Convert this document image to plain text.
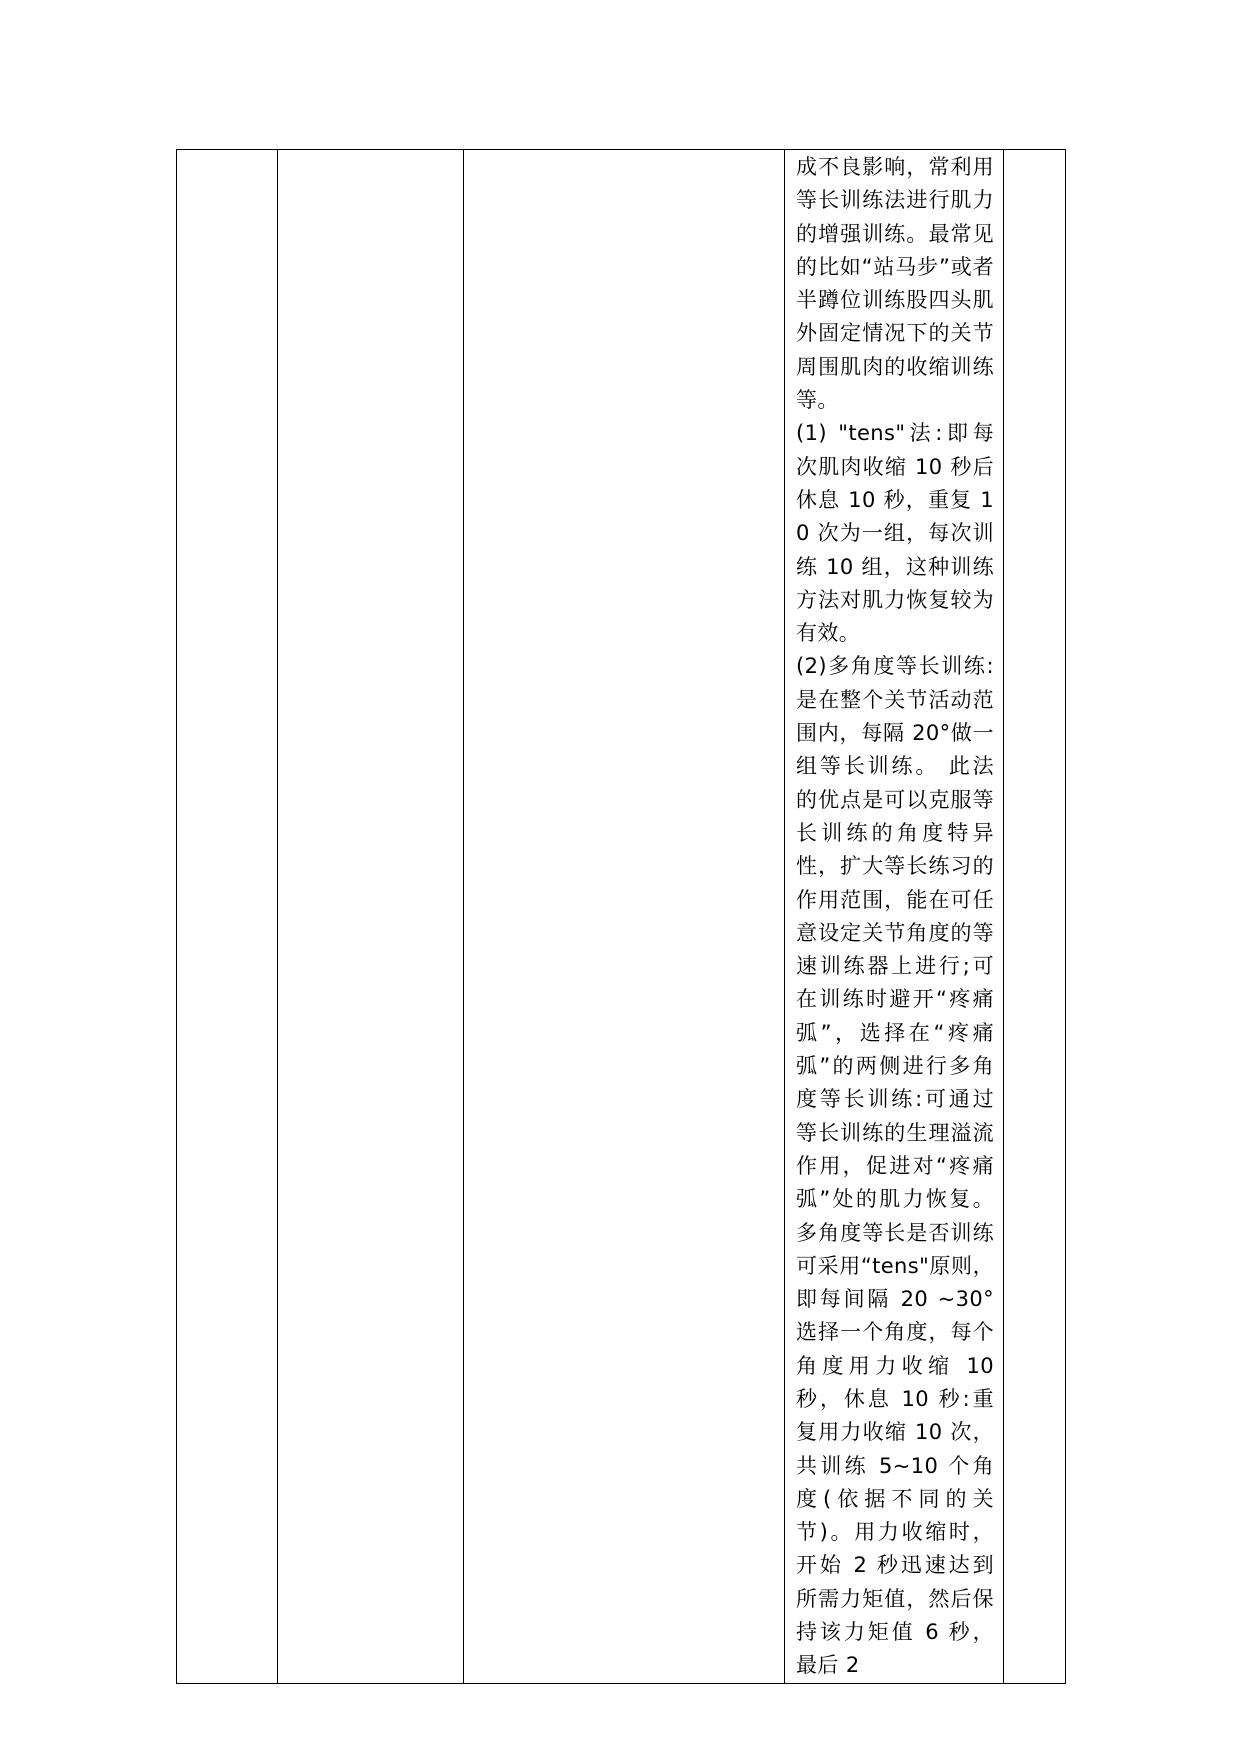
成不良影响，常利用等长训练法进行肌力的增强训练。最常见的比如“站马步”或者半蹲位训练股四头肌外固定情况下的关节周围肌肉的收缩训练等。

(1) "tens"法:即每次肌肉收缩 10 秒后休息 10 秒，重复 10 次为一组，每次训练 10 组，这种训练方法对肌力恢复较为有效。

(2)多角度等长训练:是在整个关节活动范围内，每隔 20°做一组等长训练。 此法的优点是可以克服等长训练的角度特异性，扩大等长练习的作用范围，能在可任意设定关节角度的等速训练器上进行;可在训练时避开“疼痛弧”，选择在“疼痛弧”的两侧进行多角度等长训练:可通过等长训练的生理溢流作用，促进对“疼痛弧”处的肌力恢复。多角度等长是否训练可采用“tens"原则，即每间隔 20 ~30°选择一个角度，每个角度用力收缩 10 秒，休息 10 秒:重复用力收缩 10 次，共训练 5~10 个角度(依据不同的关节)。用力收缩时，开始 2 秒迅速达到所需力矩值，然后保持该力矩值 6 秒，最后 2
